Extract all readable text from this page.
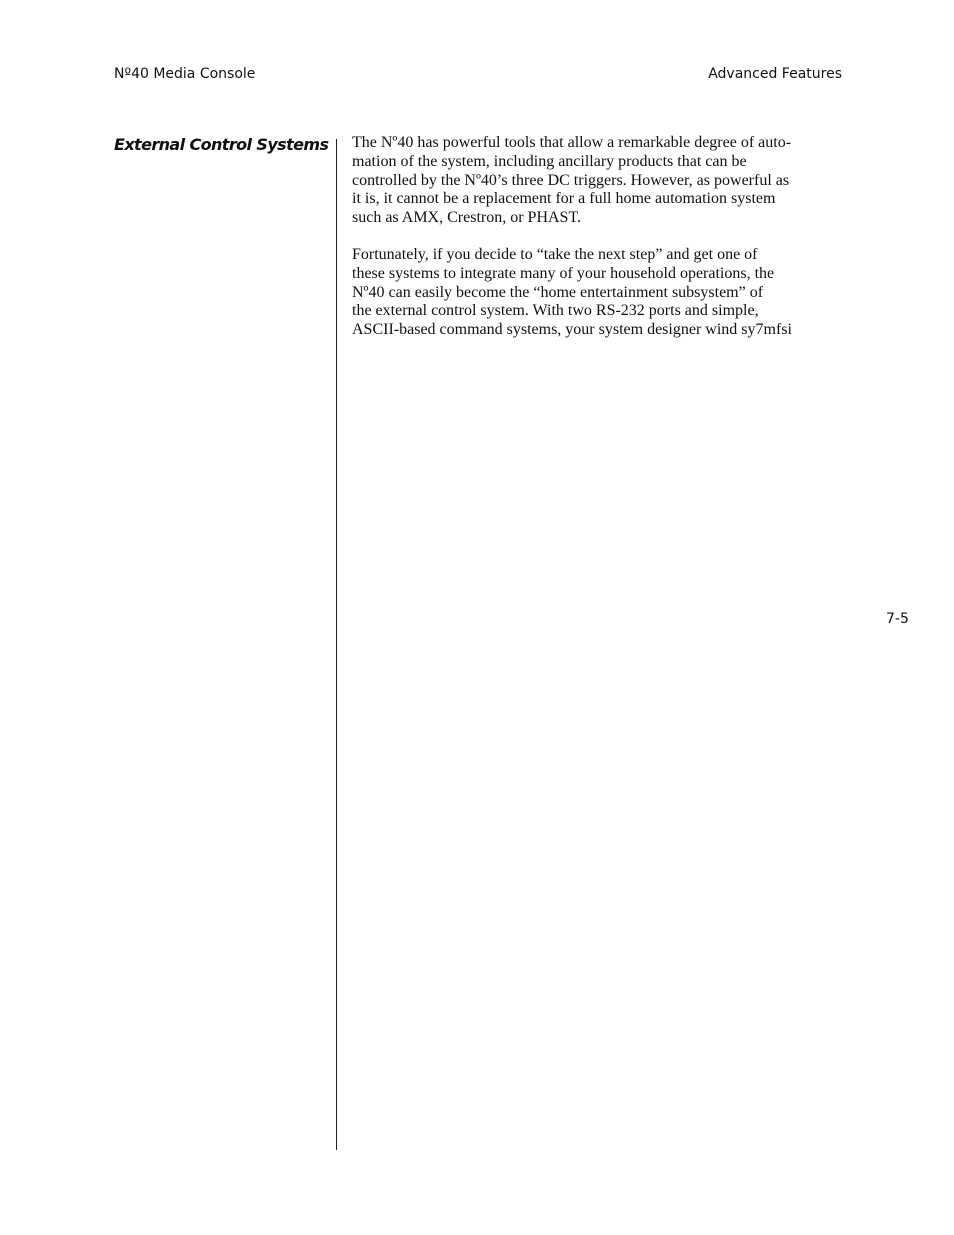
Nº40 Media Console	Advanced Features
External Control Systems The Nº40 has powerful tools that allow a remarkable degree of auto-
mation of the system, including ancillary products that can be
controlled by the Nº40’s three DC triggers. However, as powerful as
it is, it cannot be a replacement for a full home automation system
such as AMX, Crestron, or PHAST.

Fortunately, if you decide to “take the next step” and get one of
these systems to integrate many of your household operations, the
Nº40 can easily become the “home entertainment subsystem” of
the external control system. With two RS-232 ports and simple,
ASCII-based command systems, your system designer wind sy7mfsi

7-5
